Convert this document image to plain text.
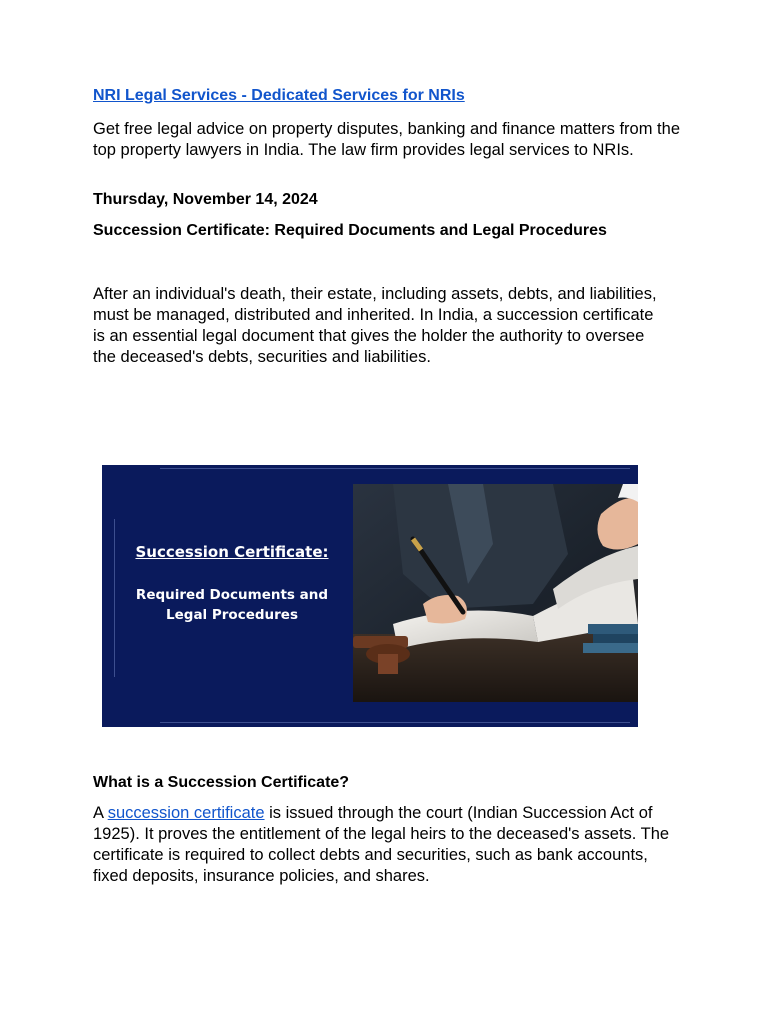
NRI Legal Services - Dedicated Services for NRIs
Get free legal advice on property disputes, banking and finance matters from the top property lawyers in India. The law firm provides legal services to NRIs.
Thursday, November 14, 2024
Succession Certificate: Required Documents and Legal Procedures
After an individual's death, their estate, including assets, debts, and liabilities, must be managed, distributed and inherited. In India, a succession certificate is an essential legal document that gives the holder the authority to oversee the deceased's debts, securities and liabilities.
Succession Certificate:
Required Documents and Legal Procedures
What is a Succession Certificate?
A succession certificate is issued through the court (Indian Succession Act of 1925). It proves the entitlement of the legal heirs to the deceased's assets. The certificate is required to collect debts and securities, such as bank accounts, fixed deposits, insurance policies, and shares.
